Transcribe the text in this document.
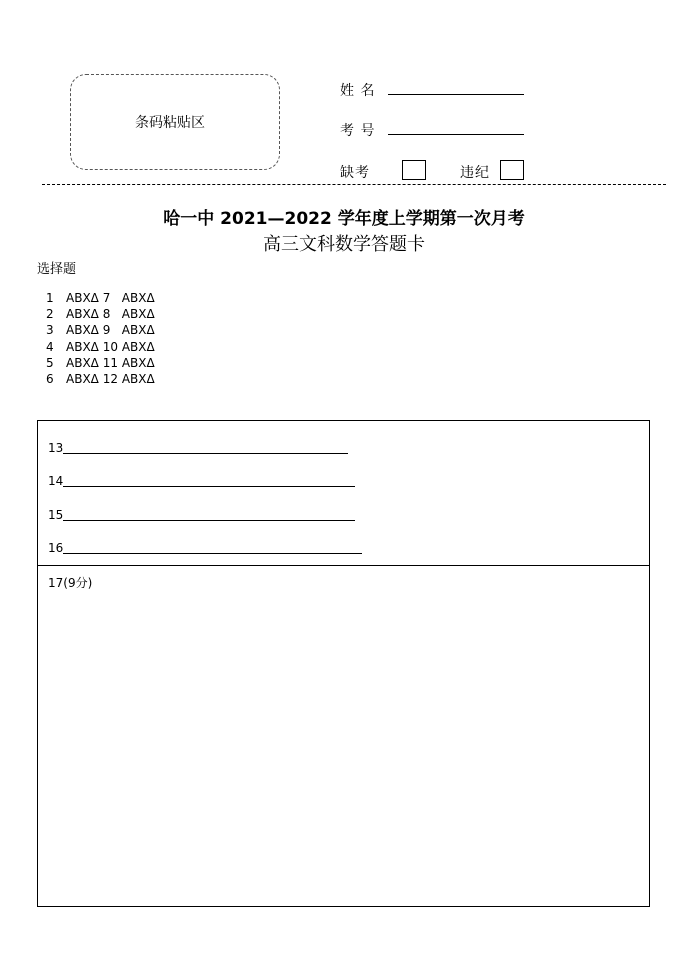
条码粘贴区
姓 名
考 号
缺考	违纪
哈一中 2021—2022 学年度上学期第一次月考
高三文科数学答题卡
选择题
1 ABXΔ 7 ABXΔ
2 ABXΔ 8 ABXΔ
3 ABXΔ 9 ABXΔ
4 ABXΔ 10 ABXΔ
5 ABXΔ 11 ABXΔ
6 ABXΔ 12 ABXΔ
13
14
15
16
17(9分)
